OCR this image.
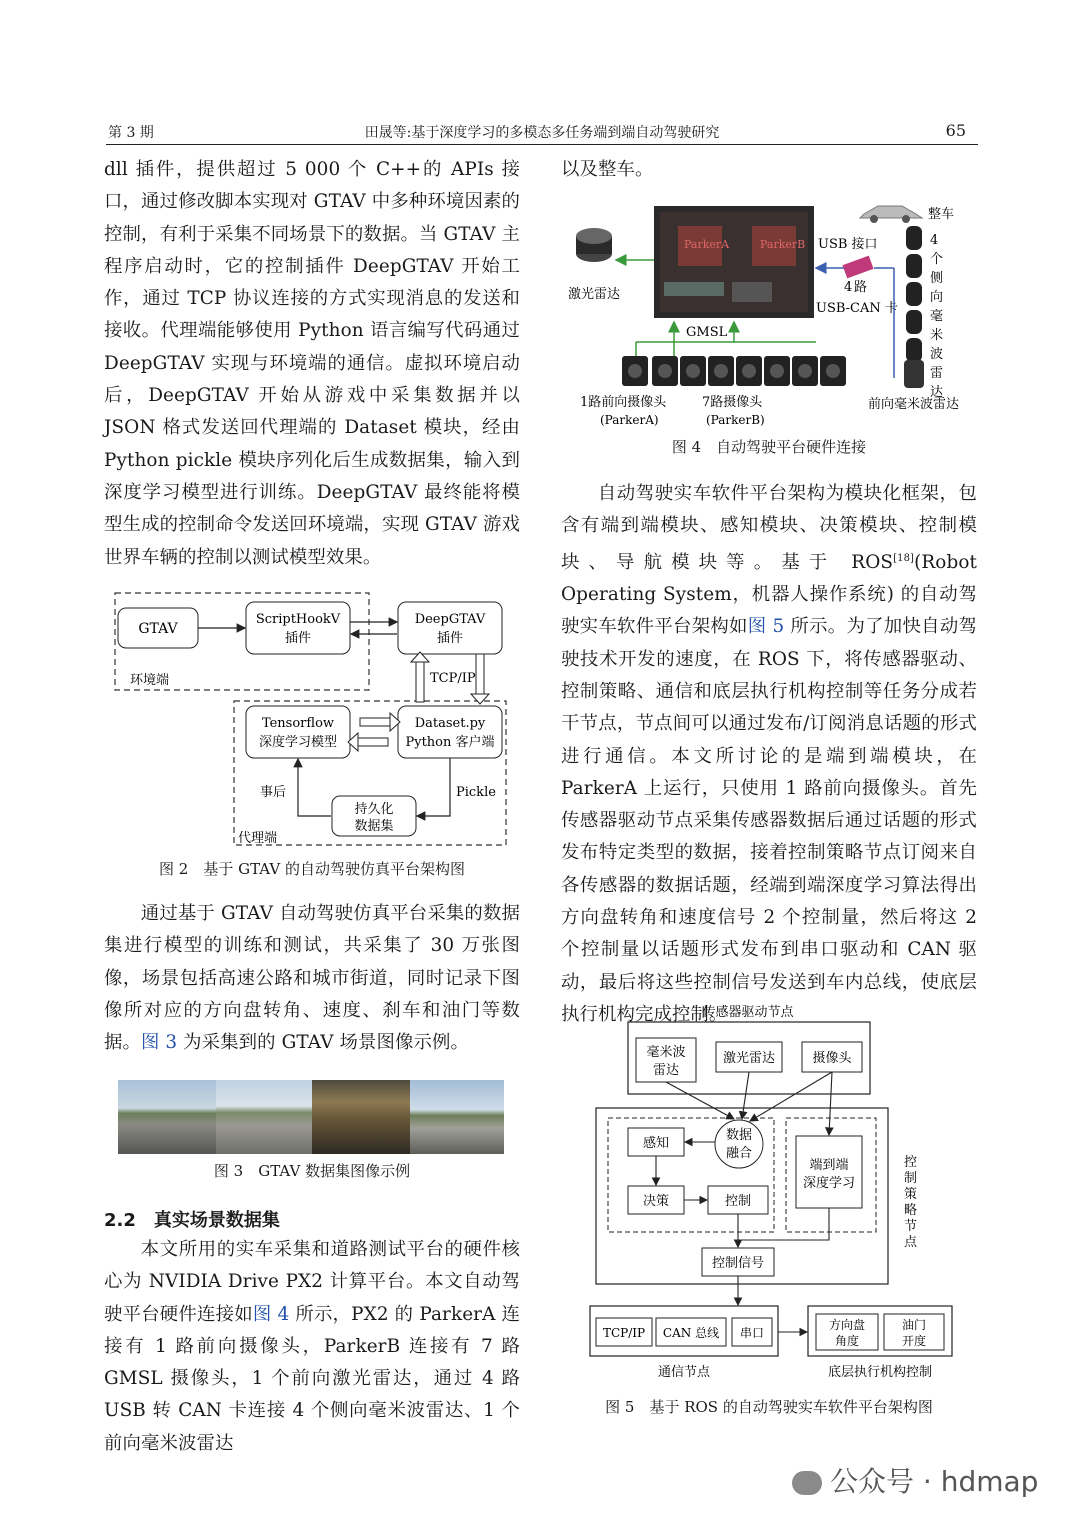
第 3 期	田晟等:基于深度学习的多模态多任务端到端自动驾驶研究	65

dll 插件，提供超过 5 000 个 C++的 APIs 接口，通过修改脚本实现对 GTAV 中多种环境因素的控制，有利于采集不同场景下的数据。当 GTAV 主程序启动时，它的控制插件 DeepGTAV 开始工作，通过 TCP 协议连接的方式实现消息的发送和接收。代理端能够使用 Python 语言编写代码通过 DeepGTAV 实现与环境端的通信。虚拟环境启动后，DeepGTAV 开始从游戏中采集数据并以 JSON 格式发送回代理端的 Dataset 模块，经由 Python pickle 模块序列化后生成数据集，输入到深度学习模型进行训练。DeepGTAV 最终能将模型生成的控制命令发送回环境端，实现 GTAV 游戏世界车辆的控制以测试模型效果。

GTAV
ScriptHookV
插件
DeepGTAV
插件
环境端	TCP/IP
Tensorflow
深度学习模型
Dataset.py
Python 客户端
持久化
数据集
事后	Pickle
代理端
图 2　基于 GTAV 的自动驾驶仿真平台架构图

通过基于 GTAV 自动驾驶仿真平台采集的数据集进行模型的训练和测试，共采集了 30 万张图像，场景包括高速公路和城市街道，同时记录下图像所对应的方向盘转角、速度、刹车和油门等数据。图 3 为采集到的 GTAV 场景图像示例。

图 3　GTAV 数据集图像示例
2.2　真实场景数据集

本文所用的实车采集和道路测试平台的硬件核心为 NVIDIA Drive PX2 计算平台。本文自动驾驶平台硬件连接如图 4 所示，PX2 的 ParkerA 连接有 1 路前向摄像头，ParkerB 连接有 7 路 GMSL 摄像头，1 个前向激光雷达，通过 4 路 USB 转 CAN 卡连接 4 个侧向毫米波雷达、1 个前向毫米波雷达

以及整车。

ParkerA	ParkerB
激光雷达
整车
USB 接口
4 路
USB-CAN 卡
4
个
侧
向
毫
米
波
雷
达
GMSL
1路前向摄像头
(ParkerA)
7路摄像头
(ParkerB)
前向毫米波雷达
图 4　自动驾驶平台硬件连接

自动驾驶实车软件平台架构为模块化框架，包含有端到端模块、感知模块、决策模块、控制模块、导航模块等。基于 ROS[18](Robot Operating System，机器人操作系统) 的自动驾驶实车软件平台架构如图 5 所示。为了加快自动驾驶技术开发的速度，在 ROS 下，将传感器驱动、控制策略、通信和底层执行机构控制等任务分成若干节点，节点间可以通过发布/订阅消息话题的形式进行通信。本文所讨论的是端到端模块，在 ParkerA 上运行，只使用 1 路前向摄像头。首先传感器驱动节点采集传感器数据后通过话题的形式发布特定类型的数据，接着控制策略节点订阅来自各传感器的数据话题，经端到端深度学习算法得出方向盘转角和速度信号 2 个控制量，然后将这 2 个控制量以话题形式发布到串口驱动和 CAN 驱动，最后将这些控制信号发送到车内总线，使底层执行机构完成控制。

传感器驱动节点
毫米波
雷达
激光雷达	摄像头
控
制
策
略
节
点
感知
数据
融合
端到端
深度学习
决策	控制
控制信号
TCP/IP CAN 总线 串口
通信节点
方向盘
角度
油门
开度
底层执行机构控制
图 5　基于 ROS 的自动驾驶实车软件平台架构图
公众号 · hdmap
